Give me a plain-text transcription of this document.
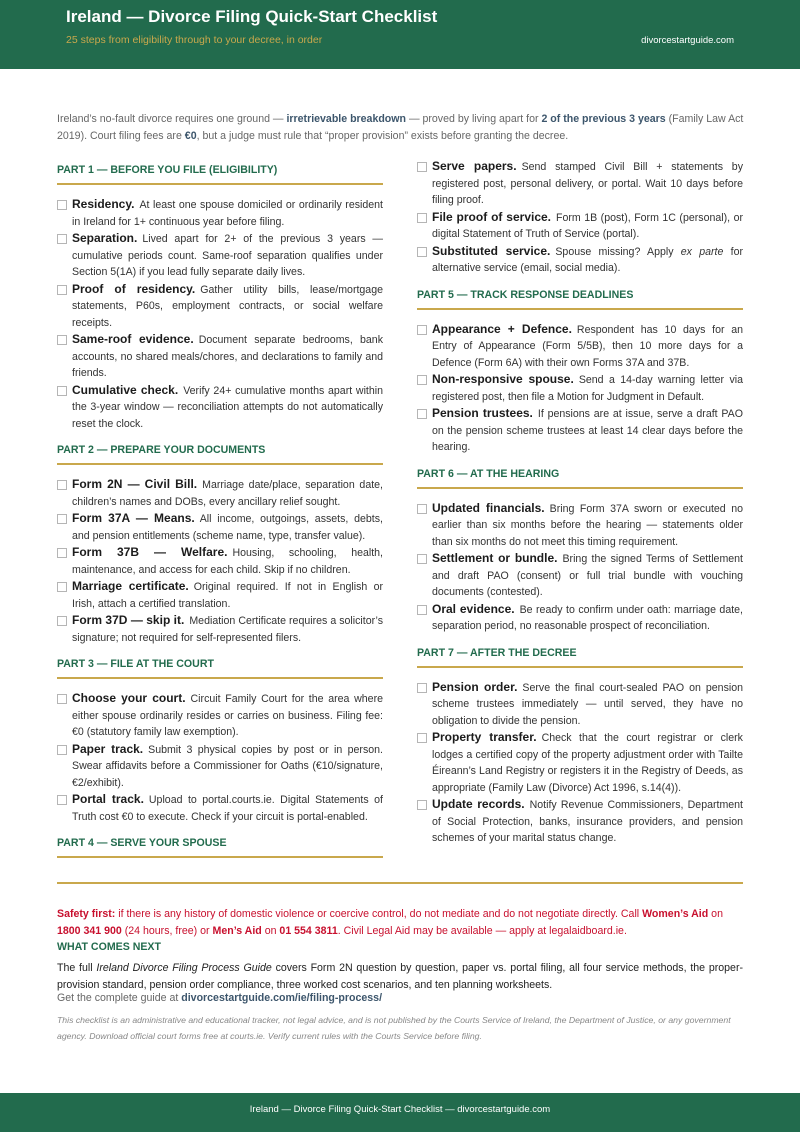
Ireland — Divorce Filing Quick-Start Checklist
25 steps from eligibility through to your decree, in order	divorcestartguide.com
Ireland’s no-fault divorce requires one ground — irretrievable breakdown — proved by living apart for 2 of the previous 3 years (Family Law Act 2019). Court filing fees are €0, but a judge must rule that “proper provision” exists before granting the decree.
PART 1 — BEFORE YOU FILE (ELIGIBILITY)
Residency. At least one spouse domiciled or ordinarily resident in Ireland for 1+ continuous year before filing.
Separation. Lived apart for 2+ of the previous 3 years — cumulative periods count. Same-roof separation qualifies under Section 5(1A) if you lead fully separate daily lives.
Proof of residency. Gather utility bills, lease/mortgage statements, P60s, employment contracts, or social welfare receipts.
Same-roof evidence. Document separate bedrooms, bank accounts, no shared meals/chores, and declarations to family and friends.
Cumulative check. Verify 24+ cumulative months apart within the 3-year window — reconciliation attempts do not automatically reset the clock.
PART 2 — PREPARE YOUR DOCUMENTS
Form 2N — Civil Bill. Marriage date/place, separation date, children’s names and DOBs, every ancillary relief sought.
Form 37A — Means. All income, outgoings, assets, debts, and pension entitlements (scheme name, type, transfer value).
Form 37B — Welfare. Housing, schooling, health, maintenance, and access for each child. Skip if no children.
Marriage certificate. Original required. If not in English or Irish, attach a certified translation.
Form 37D — skip it. Mediation Certificate requires a solicitor’s signature; not required for self-represented filers.
PART 3 — FILE AT THE COURT
Choose your court. Circuit Family Court for the area where either spouse ordinarily resides or carries on business. Filing fee: €0 (statutory family law exemption).
Paper track. Submit 3 physical copies by post or in person. Swear affidavits before a Commissioner for Oaths (€10/signature, €2/exhibit).
Portal track. Upload to portal.courts.ie. Digital Statements of Truth cost €0 to execute. Check if your circuit is portal-enabled.
PART 4 — SERVE YOUR SPOUSE
Serve papers. Send stamped Civil Bill + statements by registered post, personal delivery, or portal. Wait 10 days before filing proof.
File proof of service. Form 1B (post), Form 1C (personal), or digital Statement of Truth of Service (portal).
Substituted service. Spouse missing? Apply ex parte for alternative service (email, social media).
PART 5 — TRACK RESPONSE DEADLINES
Appearance + Defence. Respondent has 10 days for an Entry of Appearance (Form 5/5B), then 10 more days for a Defence (Form 6A) with their own Forms 37A and 37B.
Non-responsive spouse. Send a 14-day warning letter via registered post, then file a Motion for Judgment in Default.
Pension trustees. If pensions are at issue, serve a draft PAO on the pension scheme trustees at least 14 clear days before the hearing.
PART 6 — AT THE HEARING
Updated financials. Bring Form 37A sworn or executed no earlier than six months before the hearing — statements older than six months do not meet this timing requirement.
Settlement or bundle. Bring the signed Terms of Settlement and draft PAO (consent) or full trial bundle with vouching documents (contested).
Oral evidence. Be ready to confirm under oath: marriage date, separation period, no reasonable prospect of reconciliation.
PART 7 — AFTER THE DECREE
Pension order. Serve the final court-sealed PAO on pension scheme trustees immediately — until served, they have no obligation to divide the pension.
Property transfer. Check that the court registrar or clerk lodges a certified copy of the property adjustment order with Tailte Éireann’s Land Registry or registers it in the Registry of Deeds, as appropriate (Family Law (Divorce) Act 1996, s.14(4)).
Update records. Notify Revenue Commissioners, Department of Social Protection, banks, insurance providers, and pension schemes of your marital status change.
Safety first: if there is any history of domestic violence or coercive control, do not mediate and do not negotiate directly. Call Women’s Aid on 1800 341 900 (24 hours, free) or Men’s Aid on 01 554 3811. Civil Legal Aid may be available — apply at legalaidboard.ie.
WHAT COMES NEXT
The full Ireland Divorce Filing Process Guide covers Form 2N question by question, paper vs. portal filing, all four service methods, the proper-provision standard, pension order compliance, three worked cost scenarios, and ten planning worksheets.
Get the complete guide at divorcestartguide.com/ie/filing-process/
This checklist is an administrative and educational tracker, not legal advice, and is not published by the Courts Service of Ireland, the Department of Justice, or any government agency. Download official court forms free at courts.ie. Verify current rules with the Courts Service before filing.
Ireland — Divorce Filing Quick-Start Checklist — divorcestartguide.com
